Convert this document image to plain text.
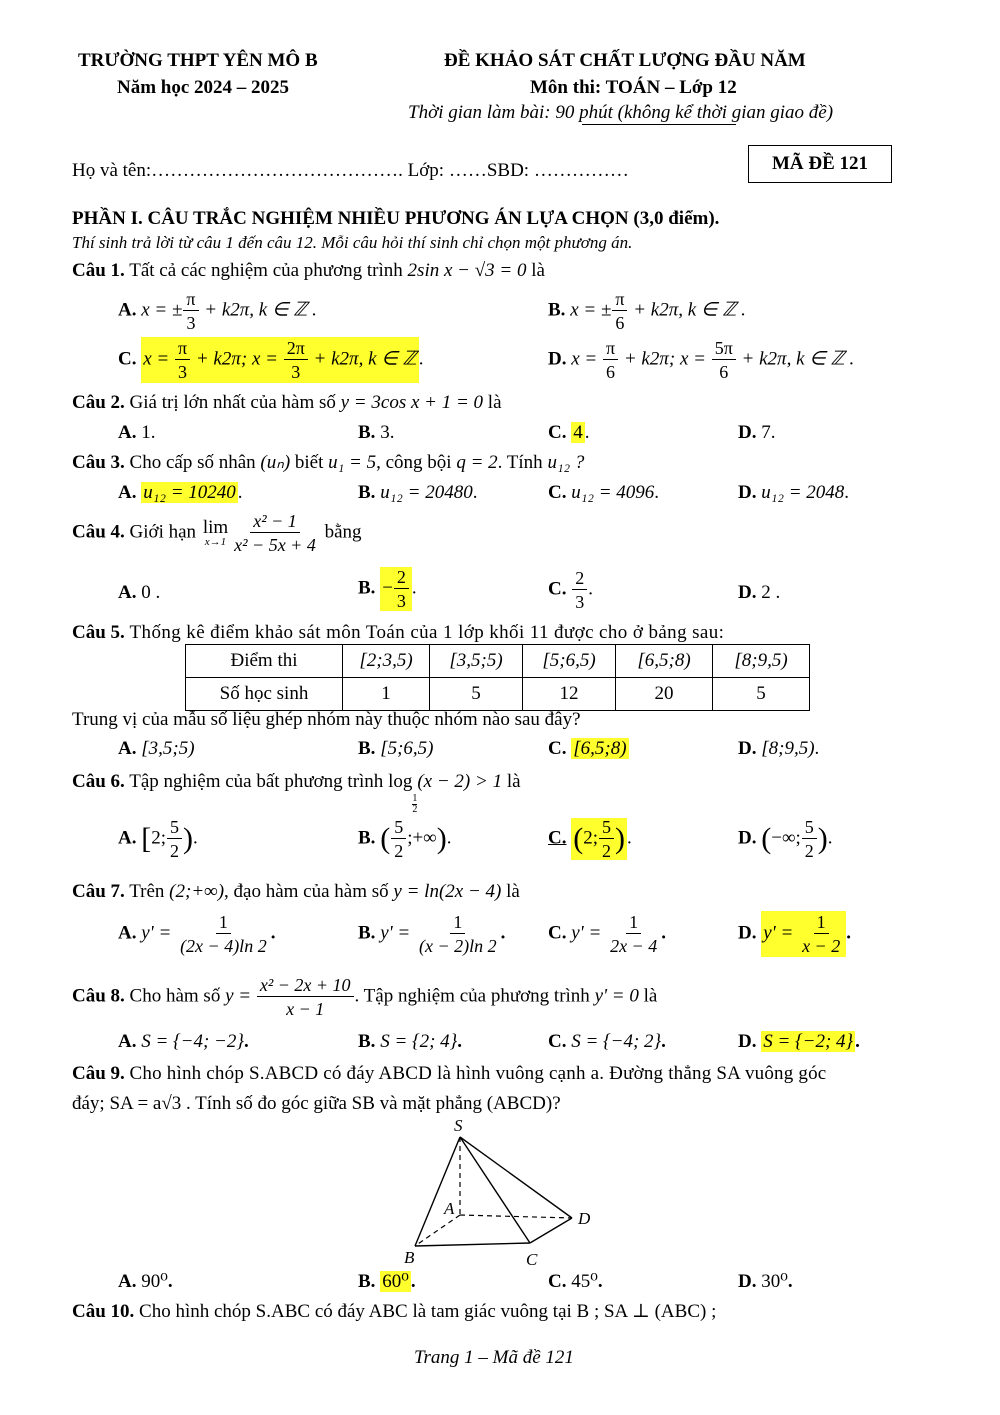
TRƯỜNG THPT YÊN MÔ B
Năm học 2024 – 2025
ĐỀ KHẢO SÁT CHẤT LƯỢNG ĐẦU NĂM
Môn thi: TOÁN – Lớp 12
Thời gian làm bài: 90 phút (không kể thời gian giao đề)
Họ và tên:…………………………………. Lớp: ……SBD: ……………	MÃ ĐỀ 121
PHẦN I. CÂU TRẮC NGHIỆM NHIỀU PHƯƠNG ÁN LỰA CHỌN (3,0 điểm).
Thí sinh trả lời từ câu 1 đến câu 12. Mỗi câu hỏi thí sinh chỉ chọn một phương án.
Câu 1. Tất cả các nghiệm của phương trình 2sin x − √3 = 0 là
A. x = ± $\frac{\pi}{3} + k2\pi$, k ∈ ℤ .	B. x = ± $\frac{\pi}{6} + k2\pi$, k ∈ ℤ .
C. $x = \frac{\pi}{3} + k2\pi$; $x = \frac{2\pi}{3} + k2\pi$, k ∈ ℤ .	D. $x = \frac{\pi}{6} + k2\pi$; $x = \frac{5\pi}{6} + k2\pi$, k ∈ ℤ .
Câu 2. Giá trị lớn nhất của hàm số y = 3cos x + 1 = 0 là
A. 1.	B. 3.	C. 4 .	D. 7.
Câu 3. Cho cấp số nhân (uₙ) biết u₁ = 5, công bội q = 2. Tính u₁₂ ?
A. u₁₂ = 10240 .	B. u₁₂ = 20480.	C. u₁₂ = 4096.	D. u₁₂ = 2048.
Câu 4. Giới hạn lim
$x\to 1 \frac{\text{x² − 1}}{\text{x² − 5x + 4}}$ bằng
A. 0 .	B. − $\frac{2}{3}$ .	C. $\frac{2}{3}$ .	D. 2 .
Câu 5. Thống kê điểm khảo sát môn Toán của 1 lớp khối 11 được cho ở bảng sau:
Điểm thi	[2;3,5)	[3,5;5)	[5;6,5)	[6,5;8)	[8;9,5)
Số học sinh	1	5	12	20	5
Trung vị của mẫu số liệu ghép nhóm này thuộc nhóm nào sau đây?
A. [3,5;5)	B. [5;6,5)	C. [6,5;8)	D. [8;9,5).
Câu 6. Tập nghiệm của bất phương trình log
$\frac{1}{2}$
(x − 2) > 1 là
A. [2; $\frac{5}{2}$ ).	B. ( $\frac{5}{2}$ ;+∞).	C. (2; $\frac{5}{2}$ ) .	D. (−∞; $\frac{5}{2}$ ).
Câu 7. Trên (2;+∞), đạo hàm của hàm số y = ln(2x − 4) là
A. $y' = \frac{1}{(2x - 4)\ln 2}$ .	B. $y' = \frac{1}{(x - 2)\ln 2}$ . C. $y' = \frac{1}{2x - 4}$ .	D. $y' = \frac{1}{x - 2}$ .
Câu 8. Cho hàm số $y = \frac{\text{x² − 2x + 10}}{x - 1}$ . Tập nghiệm của phương trình y' = 0 là
A. S = {−4; −2}.	B. S = {2; 4}.	C. S = {−4; 2}.	D. S = {−2; 4} .
Câu 9. Cho hình chóp S.ABCD có đáy ABCD là hình vuông cạnh a. Đường thẳng SA vuông góc
đáy; SA = a√3 . Tính số đo góc giữa SB và mặt phẳng (ABCD)?
S
A
B	C
D
A. 90⁰.	B. 60⁰ .	C. 45⁰.	D. 30⁰.
Câu 10. Cho hình chóp S.ABC có đáy ABC là tam giác vuông tại B ; SA ⊥ (ABC) ;
Trang 1 – Mã đề 121
